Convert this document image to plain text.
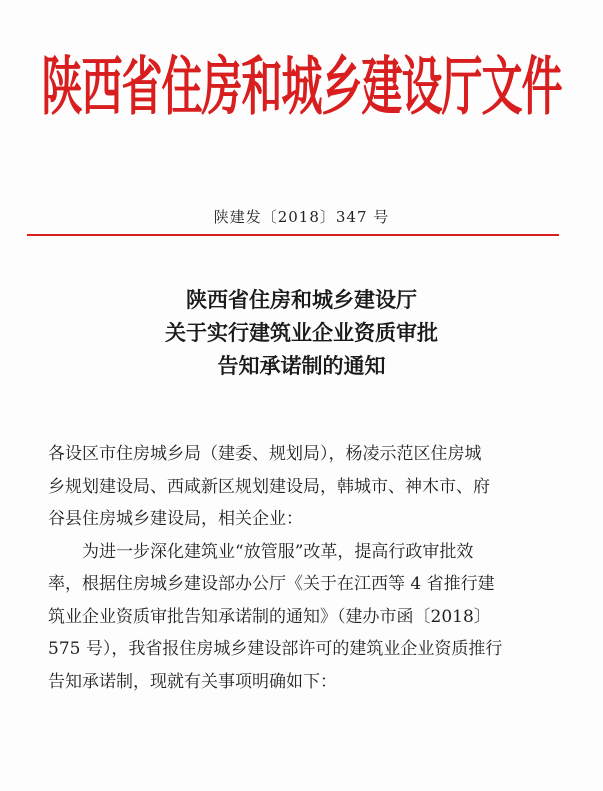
陕西省住房和城乡建设厅文件
陕建发〔2018〕347 号
陕西省住房和城乡建设厅
关于实行建筑业企业资质审批
告知承诺制的通知
各设区市住房城乡局（建委、规划局），杨凌示范区住房城
乡规划建设局、西咸新区规划建设局，韩城市、神木市、府
谷县住房城乡建设局，相关企业：
为进一步深化建筑业“放管服”改革，提高行政审批效
率，根据住房城乡建设部办公厅《关于在江西等 4 省推行建
筑业企业资质审批告知承诺制的通知》（建办市函〔2018〕
575 号），我省报住房城乡建设部许可的建筑业企业资质推行
告知承诺制，现就有关事项明确如下：
